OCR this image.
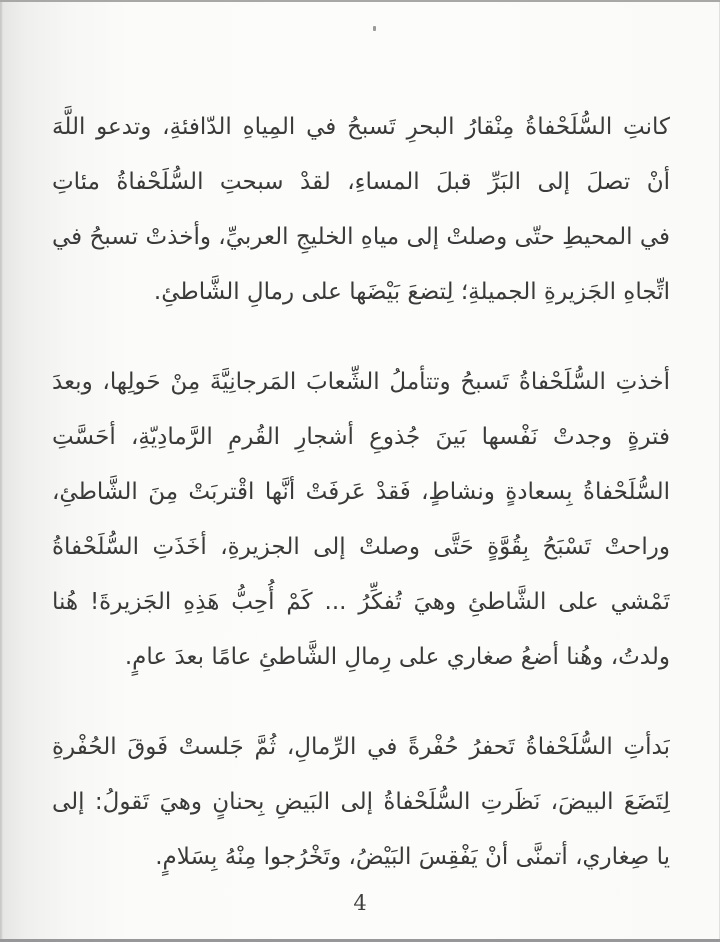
كانتِ السُّلَحْفاةُ مِنْقارُ البحرِ تَسبحُ في المِياهِ الدّافئةِ، وتدعو اللَّهَ
أنْ تصلَ إلى البَرِّ قبلَ المساءِ، لقدْ سبحتِ السُّلَحْفاةُ مئاتِ
في المحيطِ حتّى وصلتْ إلى مياهِ الخليجِ العربيِّ، وأخذتْ تسبحُ في
اتِّجاهِ الجَزيرةِ الجميلةِ؛ لِتضعَ بَيْضَها على رمالِ الشَّاطئِ.
أخذتِ السُّلَحْفاةُ تَسبحُ وتتأملُ الشِّعابَ المَرجانِيَّةَ مِنْ حَولِها، وبعدَ
فترةٍ وجدتْ نَفْسها بَينَ جُذوعِ أشجارِ القُرمِ الرَّمادِيّةِ، أحَسَّتِ
السُّلَحْفاةُ بِسعادةٍ ونشاطٍ، فَقدْ عَرفَتْ أنَّها اقْتربَتْ مِنَ الشَّاطئِ،
وراحتْ تَسْبَحُ بِقُوَّةٍ حَتَّى وصلتْ إلى الجزيرةِ، أخَذَتِ السُّلَحْفاةُ
تَمْشي على الشَّاطئِ وهيَ تُفكِّرُ ... كَمْ أُحِبُّ هَذِهِ الجَزيرةَ! هُنا
ولدتُ، وهُنا أضعُ صغاري على رِمالِ الشَّاطئِ عامًا بعدَ عامٍ.
بَدأتِ السُّلَحْفاةُ تَحفرُ حُفْرةً في الرِّمالِ، ثُمَّ جَلستْ فَوقَ الحُفْرةِ
لِتَضَعَ البيضَ، نَظَرتِ السُّلَحْفاةُ إلى البَيضِ بِحنانٍ وهيَ تَقولُ: إلى
يا صِغاري، أتمنَّى أنْ يَفْقِسَ البَيْضُ، وتَخْرُجوا مِنْهُ بِسَلامٍ.
4
